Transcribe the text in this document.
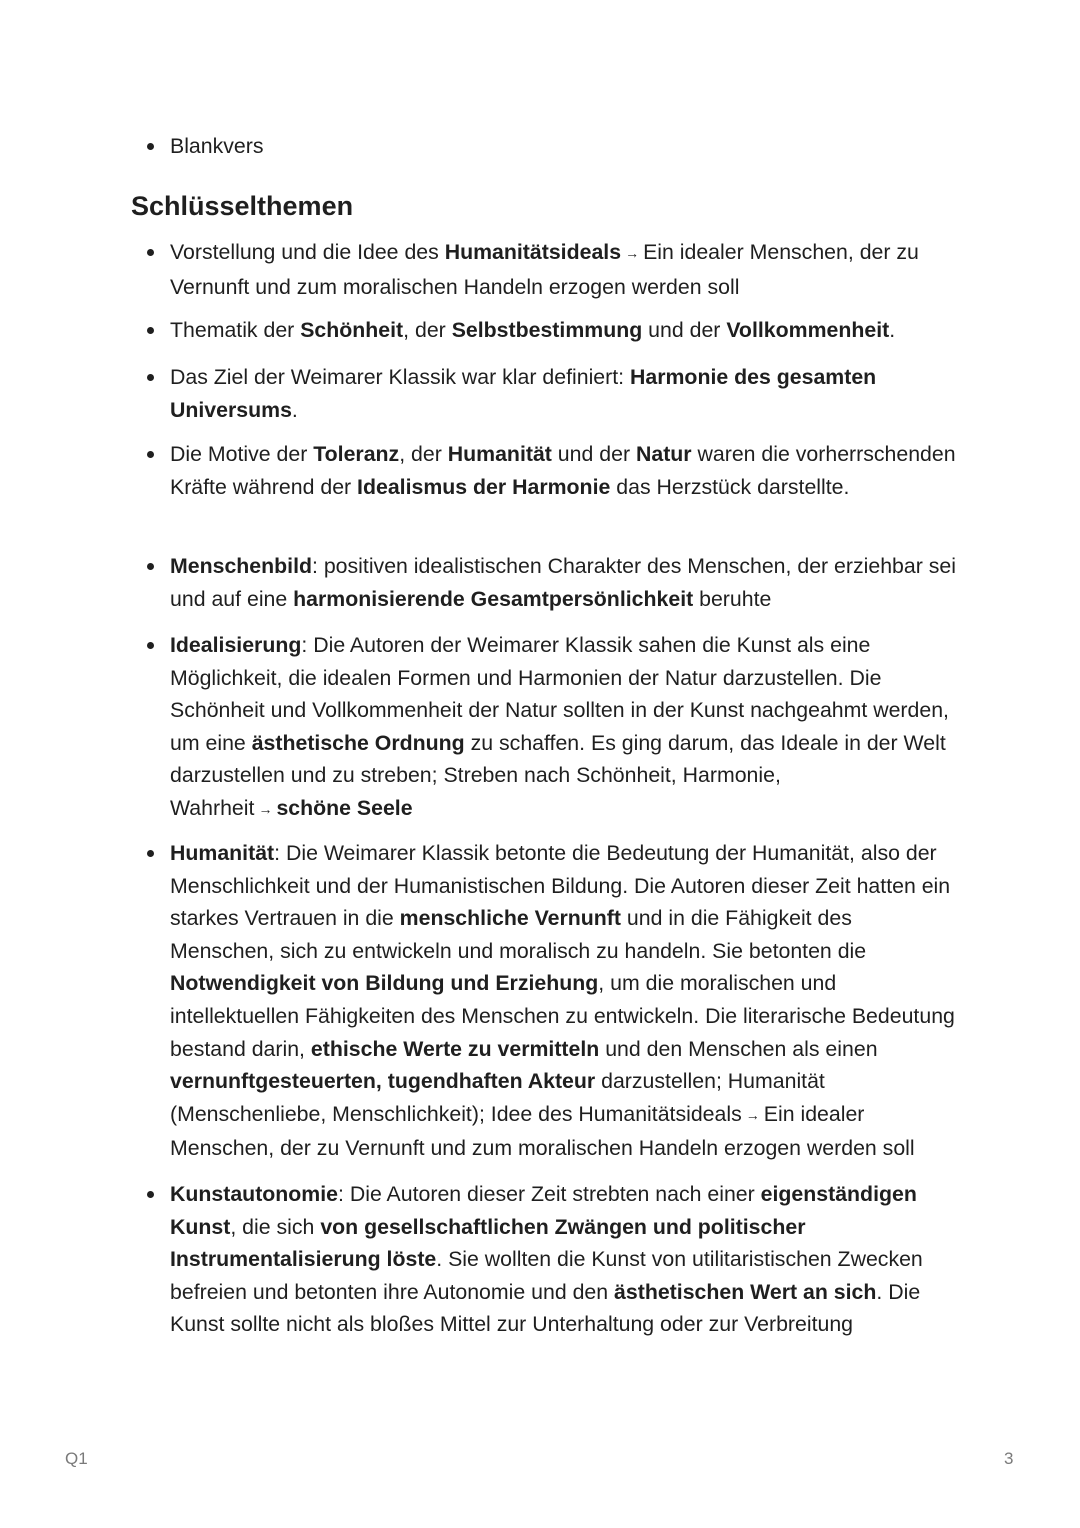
Blankvers
Schlüsselthemen
Vorstellung und die Idee des Humanitätsideals → Ein idealer Menschen, der zu Vernunft und zum moralischen Handeln erzogen werden soll
Thematik der Schönheit, der Selbstbestimmung und der Vollkommenheit.
Das Ziel der Weimarer Klassik war klar definiert: Harmonie des gesamten Universums.
Die Motive der Toleranz, der Humanität und der Natur waren die vorherrschenden Kräfte während der Idealismus der Harmonie das Herzstück darstellte.
Menschenbild: positiven idealistischen Charakter des Menschen, der erziehbar sei und auf eine harmonisierende Gesamtpersönlichkeit beruhte
Idealisierung: Die Autoren der Weimarer Klassik sahen die Kunst als eine Möglichkeit, die idealen Formen und Harmonien der Natur darzustellen. Die Schönheit und Vollkommenheit der Natur sollten in der Kunst nachgeahmt werden, um eine ästhetische Ordnung zu schaffen. Es ging darum, das Ideale in der Welt darzustellen und zu streben; Streben nach Schönheit, Harmonie, Wahrheit → schöne Seele
Humanität: Die Weimarer Klassik betonte die Bedeutung der Humanität, also der Menschlichkeit und der Humanistischen Bildung. Die Autoren dieser Zeit hatten ein starkes Vertrauen in die menschliche Vernunft und in die Fähigkeit des Menschen, sich zu entwickeln und moralisch zu handeln. Sie betonten die Notwendigkeit von Bildung und Erziehung, um die moralischen und intellektuellen Fähigkeiten des Menschen zu entwickeln. Die literarische Bedeutung bestand darin, ethische Werte zu vermitteln und den Menschen als einen vernunftgesteuerten, tugendhaften Akteur darzustellen; Humanität (Menschenliebe, Menschlichkeit); Idee des Humanitätsideals → Ein idealer Menschen, der zu Vernunft und zum moralischen Handeln erzogen werden soll
Kunstautonomie: Die Autoren dieser Zeit strebten nach einer eigenständigen Kunst, die sich von gesellschaftlichen Zwängen und politischer Instrumentalisierung löste. Sie wollten die Kunst von utilitaristischen Zwecken befreien und betonten ihre Autonomie und den ästhetischen Wert an sich. Die Kunst sollte nicht als bloßes Mittel zur Unterhaltung oder zur Verbreitung
Q1	3
